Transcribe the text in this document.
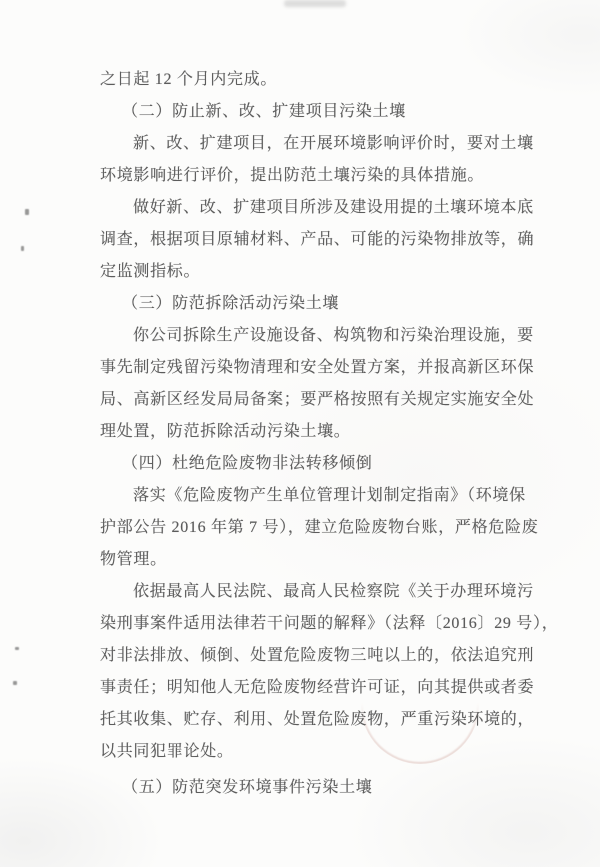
之日起 12 个月内完成。
（二）防止新、改、扩建项目污染土壤
新、改、扩建项目，在开展环境影响评价时，要对土壤
环境影响进行评价，提出防范土壤污染的具体措施。
做好新、改、扩建项目所涉及建设用提的土壤环境本底
调查，根据项目原辅材料、产品、可能的污染物排放等，确
定监测指标。
（三）防范拆除活动污染土壤
你公司拆除生产设施设备、构筑物和污染治理设施，要
事先制定残留污染物清理和安全处置方案，并报高新区环保
局、高新区经发局局备案；要严格按照有关规定实施安全处
理处置，防范拆除活动污染土壤。
（四）杜绝危险废物非法转移倾倒
落实《危险废物产生单位管理计划制定指南》（环境保
护部公告 2016 年第 7 号），建立危险废物台账，严格危险废
物管理。
依据最高人民法院、最高人民检察院《关于办理环境污
染刑事案件适用法律若干问题的解释》（法释〔2016〕29 号），
对非法排放、倾倒、处置危险废物三吨以上的，依法追究刑
事责任；明知他人无危险废物经营许可证，向其提供或者委
托其收集、贮存、利用、处置危险废物，严重污染环境的，
以共同犯罪论处。
（五）防范突发环境事件污染土壤
